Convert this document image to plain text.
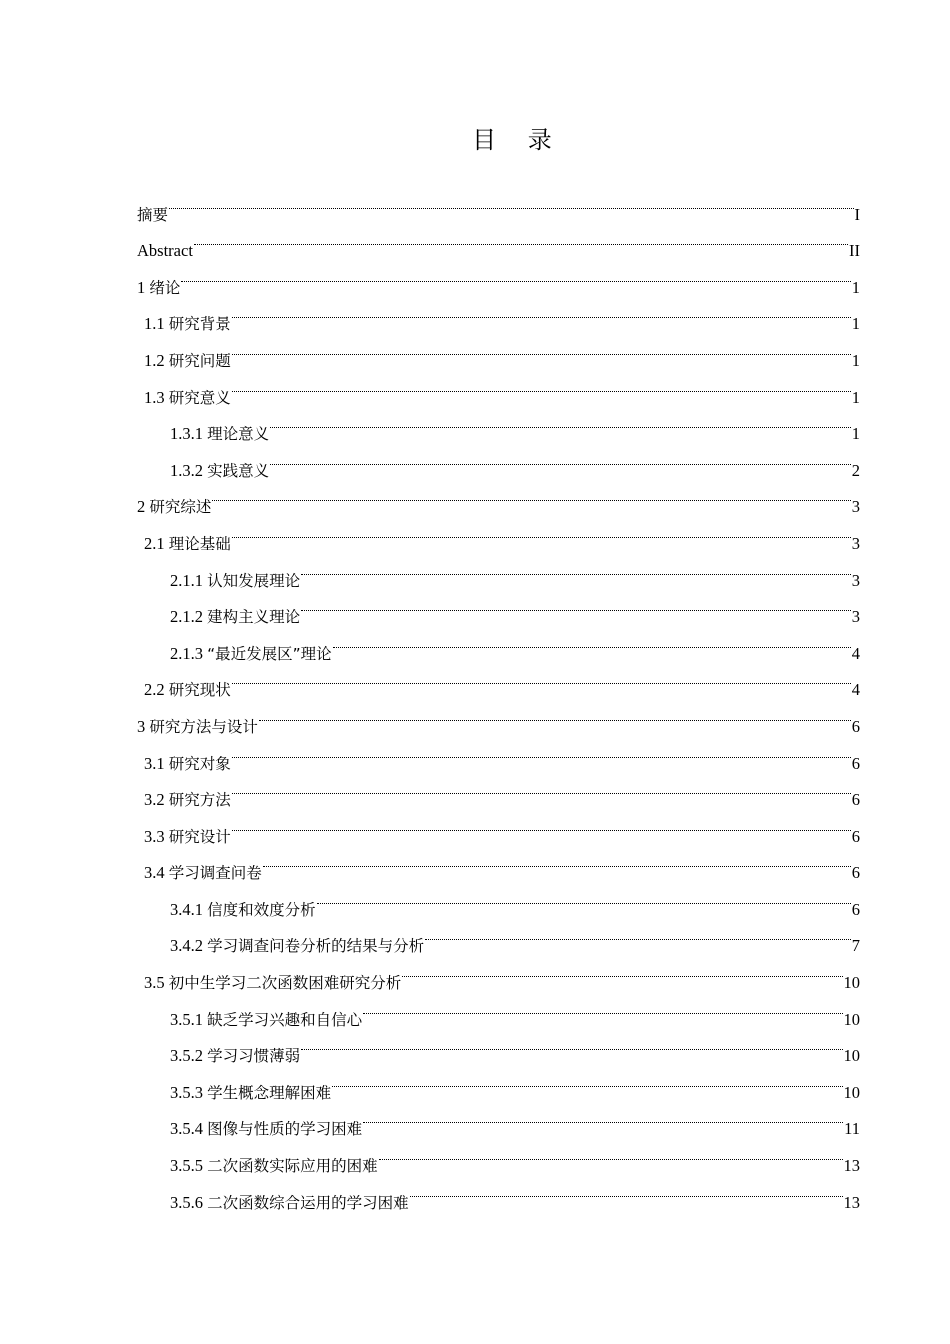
目 录
摘要	I
Abstract	II
1 绪论	1
1.1 研究背景	1
1.2 研究问题	1
1.3 研究意义	1
1.3.1 理论意义	1
1.3.2 实践意义	2
2 研究综述	3
2.1 理论基础	3
2.1.1 认知发展理论	3
2.1.2 建构主义理论	3
2.1.3 “最近发展区”理论	4
2.2 研究现状	4
3 研究方法与设计	6
3.1 研究对象	6
3.2 研究方法	6
3.3 研究设计	6
3.4 学习调查问卷	6
3.4.1 信度和效度分析	6
3.4.2 学习调查问卷分析的结果与分析	7
3.5 初中生学习二次函数困难研究分析	10
3.5.1 缺乏学习兴趣和自信心	10
3.5.2 学习习惯薄弱	10
3.5.3 学生概念理解困难	10
3.5.4 图像与性质的学习困难	11
3.5.5 二次函数实际应用的困难	13
3.5.6 二次函数综合运用的学习困难	13
